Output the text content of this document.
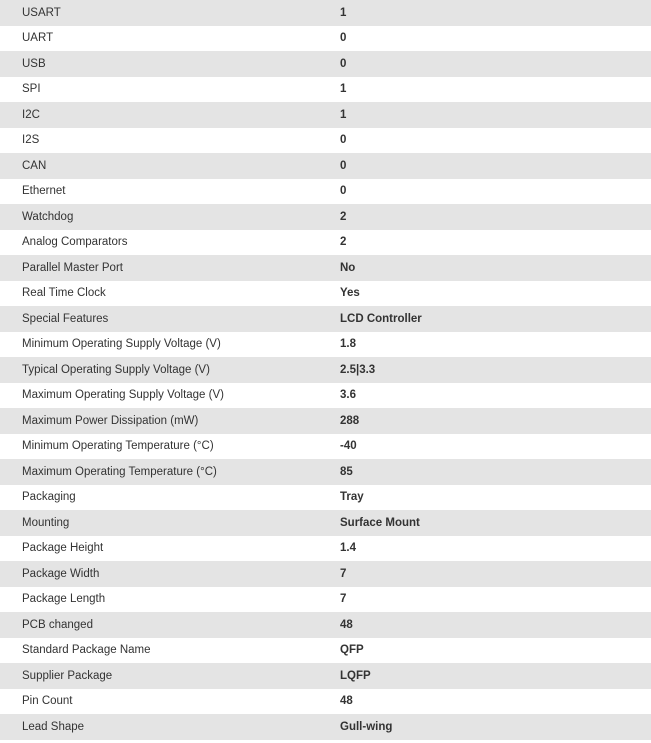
USART	1
UART	0
USB	0
SPI	1
I2C	1
I2S	0
CAN	0
Ethernet	0
Watchdog	2
Analog Comparators	2
Parallel Master Port	No
Real Time Clock	Yes
Special Features	LCD Controller
Minimum Operating Supply Voltage (V)	1.8
Typical Operating Supply Voltage (V)	2.5|3.3
Maximum Operating Supply Voltage (V)	3.6
Maximum Power Dissipation (mW)	288
Minimum Operating Temperature (°C)	-40
Maximum Operating Temperature (°C)	85
Packaging	Tray
Mounting	Surface Mount
Package Height	1.4
Package Width	7
Package Length	7
PCB changed	48
Standard Package Name	QFP
Supplier Package	LQFP
Pin Count	48
Lead Shape	Gull-wing
